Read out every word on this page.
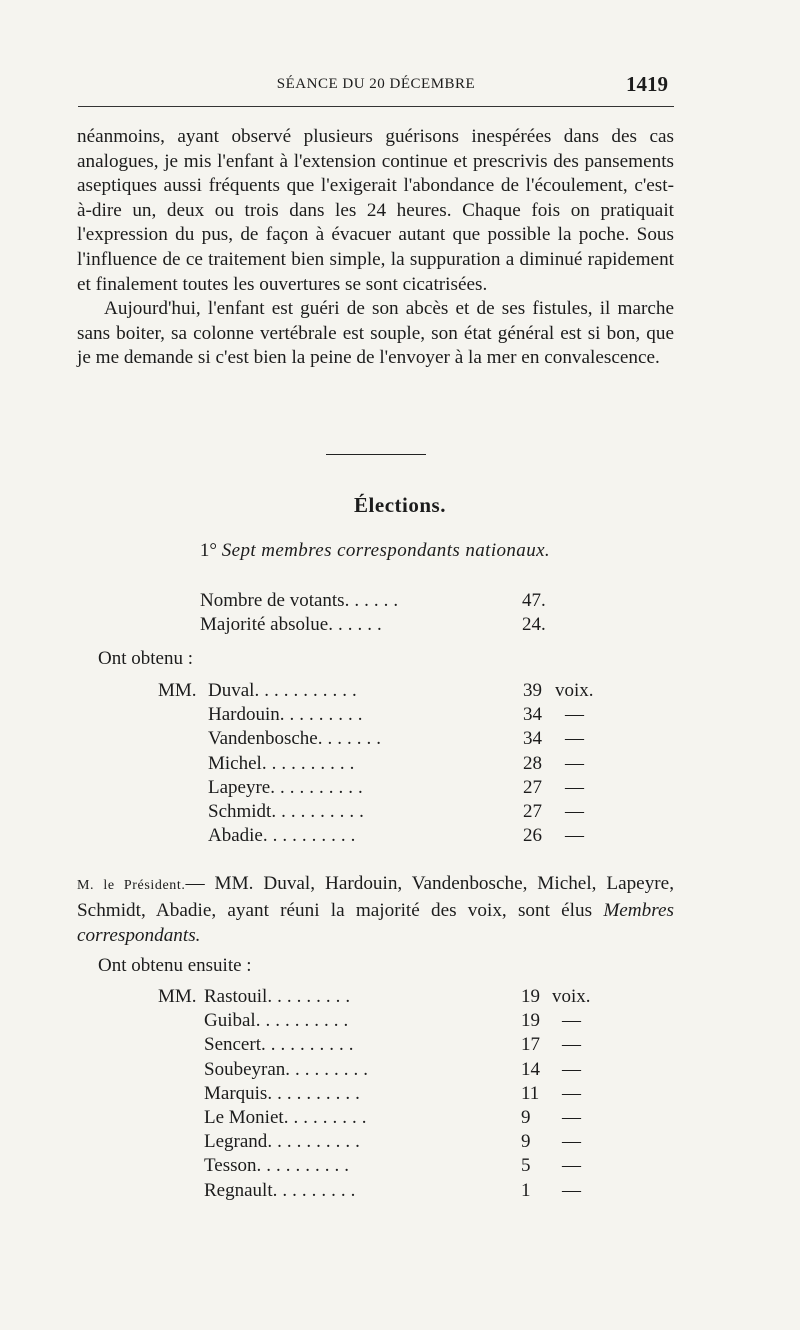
SÉANCE DU 20 DÉCEMBRE	1419

néanmoins, ayant observé plusieurs guérisons inespérées dans des cas analogues, je mis l'enfant à l'extension continue et prescrivis des pansements aseptiques aussi fréquents que l'exigerait l'abondance de l'écoulement, c'est-à-dire un, deux ou trois dans les 24 heures. Chaque fois on pratiquait l'expression du pus, de façon à évacuer autant que possible la poche. Sous l'influence de ce traitement bien simple, la suppuration a diminué rapidement et finalement toutes les ouvertures se sont cicatrisées.

Aujourd'hui, l'enfant est guéri de son abcès et de ses fistules, il marche sans boiter, sa colonne vertébrale est souple, son état général est si bon, que je me demande si c'est bien la peine de l'envoyer à la mer en convalescence.

Élections.
1° Sept membres correspondants nationaux.
Nombre de votants......	47.
Majorité absolue......	24.
Ont obtenu :
MM. Duval...........	39 voix.
Hardouin.........	34 —
Vandenbosche.......	34 —
Michel..........	28 —
Lapeyre..........	27 —
Schmidt..........	27 —
Abadie..........	26 —
M. le Président.— MM. Duval, Hardouin, Vandenbosche, Michel, Lapeyre, Schmidt, Abadie, ayant réuni la majorité des voix, sont élus Membres correspondants.
Ont obtenu ensuite :
MM. Rastouil.........	19 voix.
Guibal..........	19 —
Sencert..........	17 —
Soubeyran.........	14 —
Marquis..........	11 —
Le Moniet.........	9 —
Legrand..........	9 —
Tesson..........	5 —
Regnault.........	1 —
